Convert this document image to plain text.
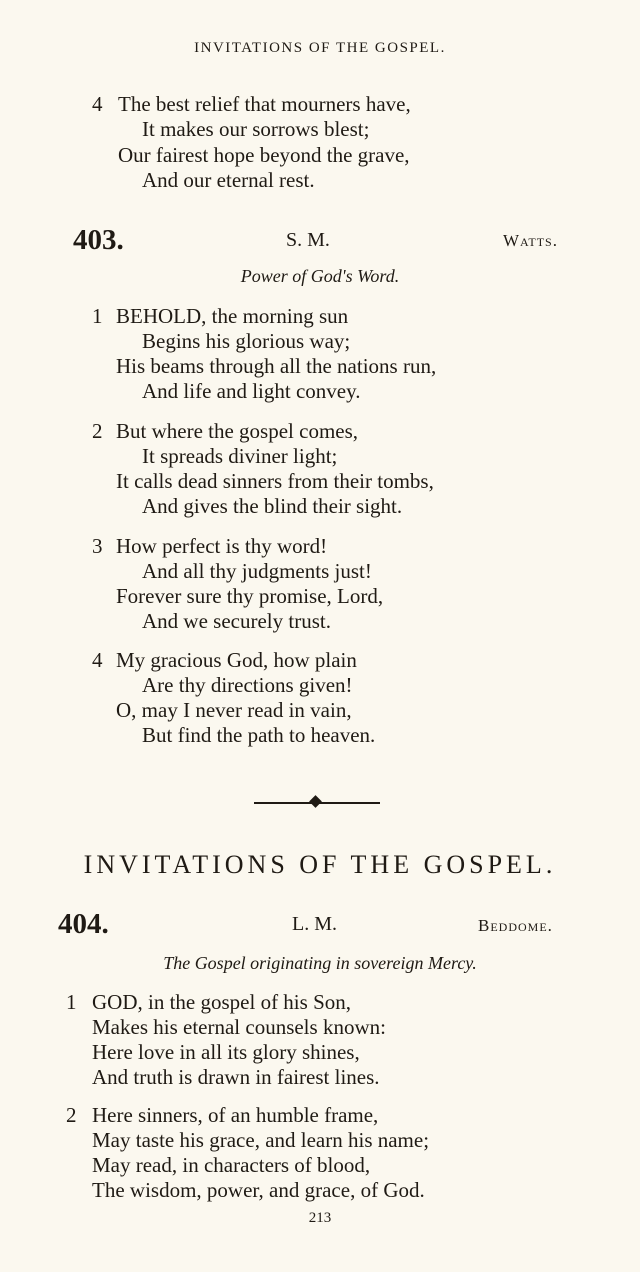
INVITATIONS OF THE GOSPEL.
4 The best relief that mourners have,
It makes our sorrows blest;
Our fairest hope beyond the grave,
And our eternal rest.
403.	S. M.	Watts.
Power of God's Word.
1 BEHOLD, the morning sun
Begins his glorious way;
His beams through all the nations run,
And life and light convey.
2 But where the gospel comes,
It spreads diviner light;
It calls dead sinners from their tombs,
And gives the blind their sight.
3 How perfect is thy word!
And all thy judgments just!
Forever sure thy promise, Lord,
And we securely trust.
4 My gracious God, how plain
Are thy directions given!
O, may I never read in vain,
But find the path to heaven.
INVITATIONS OF THE GOSPEL.
404.	L. M.	Beddome.
The Gospel originating in sovereign Mercy.
1 GOD, in the gospel of his Son,
Makes his eternal counsels known:
Here love in all its glory shines,
And truth is drawn in fairest lines.
2 Here sinners, of an humble frame,
May taste his grace, and learn his name;
May read, in characters of blood,
The wisdom, power, and grace, of God.
213
